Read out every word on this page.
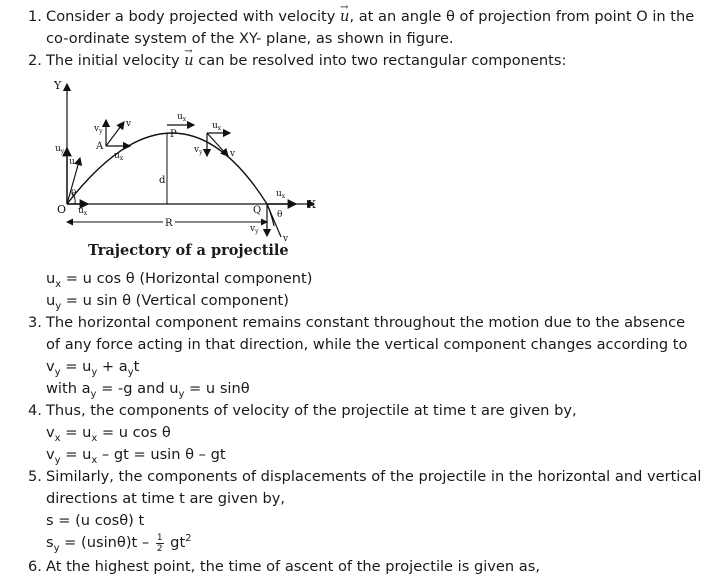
1. Consider a body projected with velocity → u, at an angle θ of projection from point O in the
co-ordinate system of the XY- plane, as shown in figure.
2. The initial velocity → u can be resolved into two rectangular components:
Y
X
O
θ
u
$u_y$
$u_x$
A
$v_y$
v
$u_x$
P
$u_x$
d
$u_x$
$v_y$	v
Q
$u_x$
θ
$v_y$
v
R
Trajectory of a projectile
$u_x = u$ cos θ (Horizontal component)
$u_y = u$ sin θ (Vertical component)
3. The horizontal component remains constant throughout the motion due to the absence
of any force acting in that direction, while the vertical component changes according to
$v_y = u_y + a_yt$
with $a_y = -g$ and $u_y = u$ sinθ
4. Thus, the components of velocity of the projectile at time t are given by,
$v_x = u_x = u$ cos θ
$v_y = u_x$ – gt = usin θ – gt
5. Similarly, the components of displacements of the projectile in the horizontal and vertical
directions at time t are given by,
s = (u cosθ) t
$s_y = (usin\theta)t - \frac{1}{2} gt^2$
6. At the highest point, the time of ascent of the projectile is given as,
